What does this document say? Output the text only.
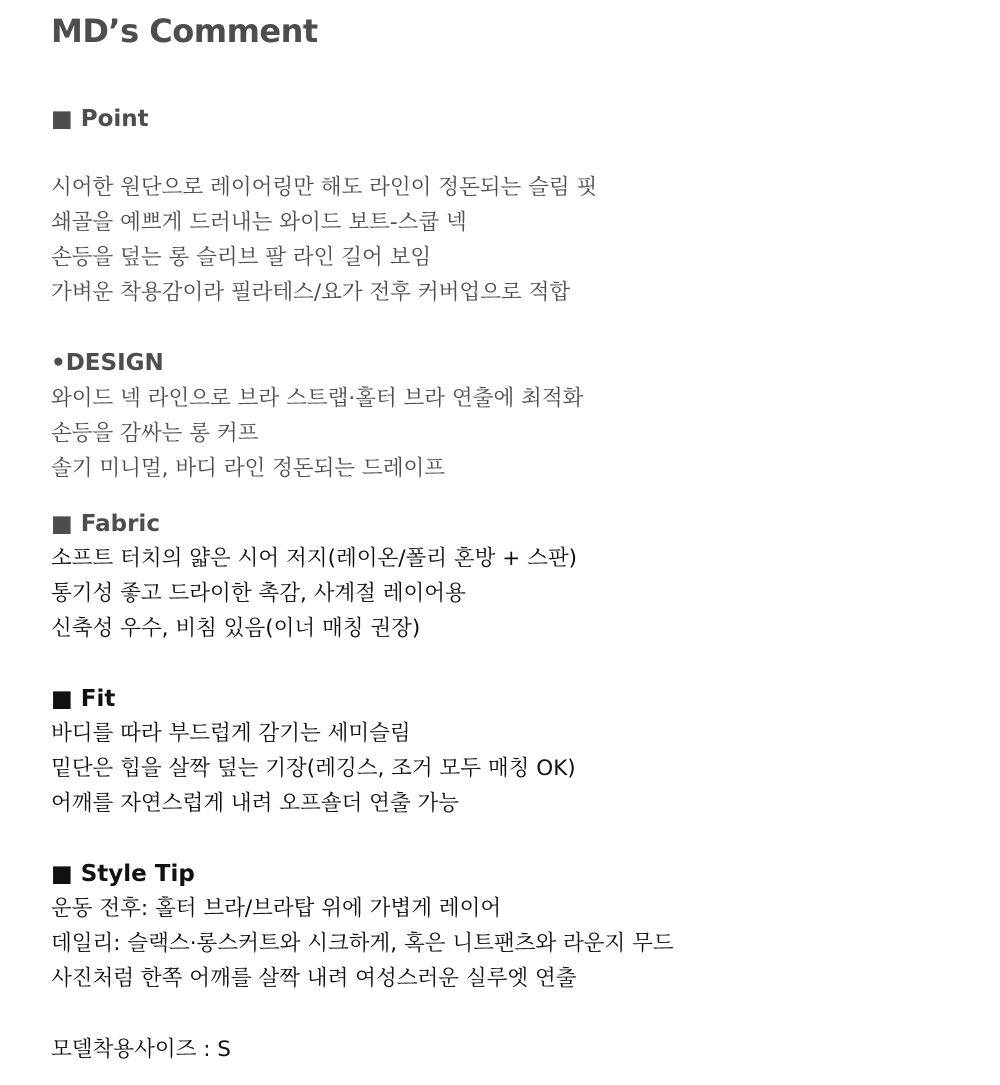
MD’s Comment
■ Point
시어한 원단으로 레이어링만 해도 라인이 정돈되는 슬림 핏
쇄골을 예쁘게 드러내는 와이드 보트-스쿱 넥
손등을 덮는 롱 슬리브 팔 라인 길어 보임
가벼운 착용감이라 필라테스/요가 전후 커버업으로 적합
•DESIGN
와이드 넥 라인으로 브라 스트랩·홀터 브라 연출에 최적화
손등을 감싸는 롱 커프
솔기 미니멀, 바디 라인 정돈되는 드레이프
■ Fabric
소프트 터치의 얇은 시어 저지(레이온/폴리 혼방 + 스판)
통기성 좋고 드라이한 촉감, 사계절 레이어용
신축성 우수, 비침 있음(이너 매칭 권장)
■ Fit
바디를 따라 부드럽게 감기는 세미슬림
밑단은 힙을 살짝 덮는 기장(레깅스, 조거 모두 매칭 OK)
어깨를 자연스럽게 내려 오프숄더 연출 가능
■ Style Tip
운동 전후: 홀터 브라/브라탑 위에 가볍게 레이어
데일리: 슬랙스·롱스커트와 시크하게, 혹은 니트팬츠와 라운지 무드
사진처럼 한쪽 어깨를 살짝 내려 여성스러운 실루엣 연출
모델착용사이즈 : S
